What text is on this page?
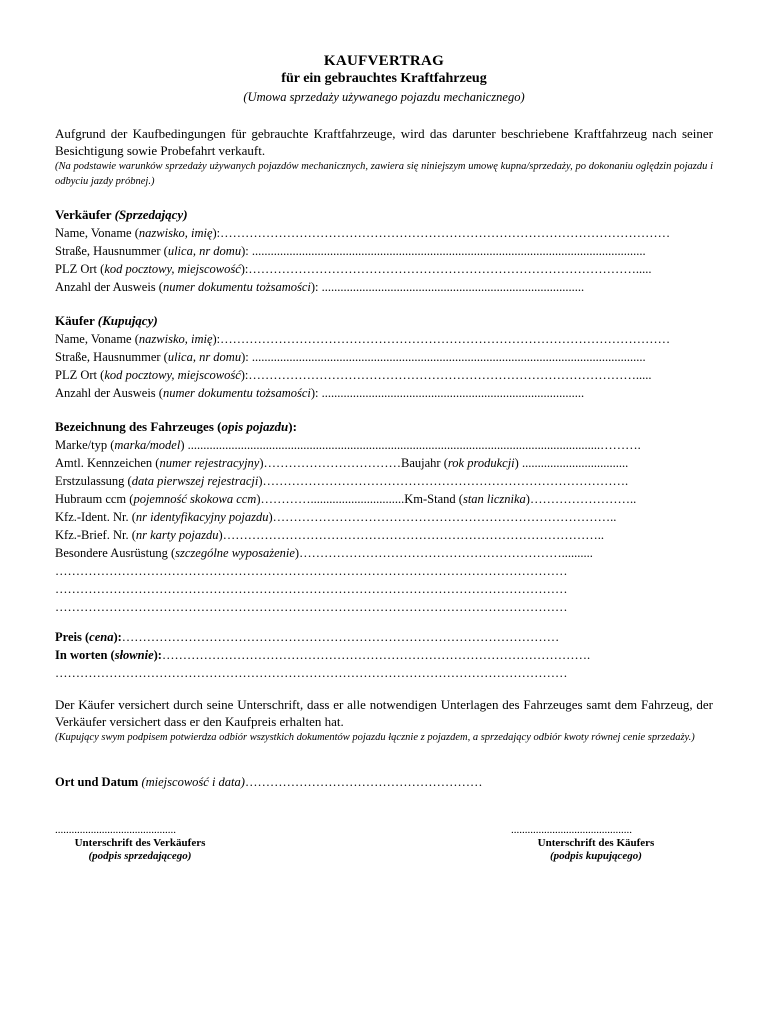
KAUFVERTRAG
für ein gebrauchtes Kraftfahrzeug
(Umowa sprzedaży używanego pojazdu mechanicznego)
Aufgrund der Kaufbedingungen für gebrauchte Kraftfahrzeuge, wird das darunter beschriebene Kraftfahrzeug nach seiner Besichtigung sowie Probefahrt verkauft.
(Na podstawie warunków sprzedaży używanych pojazdów mechanicznych, zawiera się niniejszym umowę kupna/sprzedaży, po dokonaniu oględzin pojazdu i odbyciu jazdy próbnej.)
Verkäufer (Sprzedający)
Name, Voname (nazwisko, imię):………………………………………………………………………………………………
Straße, Hausnummer (ulica, nr domu): ..............................................................................................................................
PLZ Ort (kod pocztowy, miejscowość):………………………………………………………………………………….....
Anzahl der Ausweis (numer dokumentu tożsamości): ....................................................................................
Käufer (Kupujący)
Name, Voname (nazwisko, imię):………………………………………………………………………………………………
Straße, Hausnummer (ulica, nr domu): ..............................................................................................................................
PLZ Ort (kod pocztowy, miejscowość):………………………………………………………………………………….....
Anzahl der Ausweis (numer dokumentu tożsamości): ....................................................................................
Bezeichnung des Fahrzeuges (opis pojazdu):
Marke/typ (marka/model) ....................................................................................................................................……….
Amtl. Kennzeichen (numer rejestracyjny)……………………………Baujahr (rok produkcji) ..................................
Erstzulassung (data pierwszej rejestracji)…………………………………………………………………………….
Hubraum ccm (pojemność skokowa ccm)…………..............................Km-Stand (stan licznika)……………………..
Kfz.-Ident. Nr. (nr identyfikacyjny pojazdu)………………………………………………………………………..
Kfz.-Brief. Nr. (nr karty pojazdu)………………………………………………………………………………..
Besondere Ausrüstung (szczególne wyposażenie)………………………………………………………..........
……………………………………………………………………………………………………………
……………………………………………………………………………………………………………
……………………………………………………………………………………………………………
Preis (cena):……………………………………………………………………………………………
In worten (słownie):………………………………………………………………………………………….
……………………………………………………………………………………………………………
Der Käufer versichert durch seine Unterschrift, dass er alle notwendigen Unterlagen des Fahrzeuges samt dem Fahrzeug, der Verkäufer versichert dass er den Kaufpreis erhalten hat.
(Kupujący swym podpisem potwierdza odbiór wszystkich dokumentów pojazdu łącznie z pojazdem, a sprzedający odbiór kwoty równej cenie sprzedaży.)
Ort und Datum (miejscowość i data)…………………………………………………
............................................
Unterschrift des Verkäufers
(podpis sprzedającego)
............................................
Unterschrift des Käufers
(podpis kupującego)
